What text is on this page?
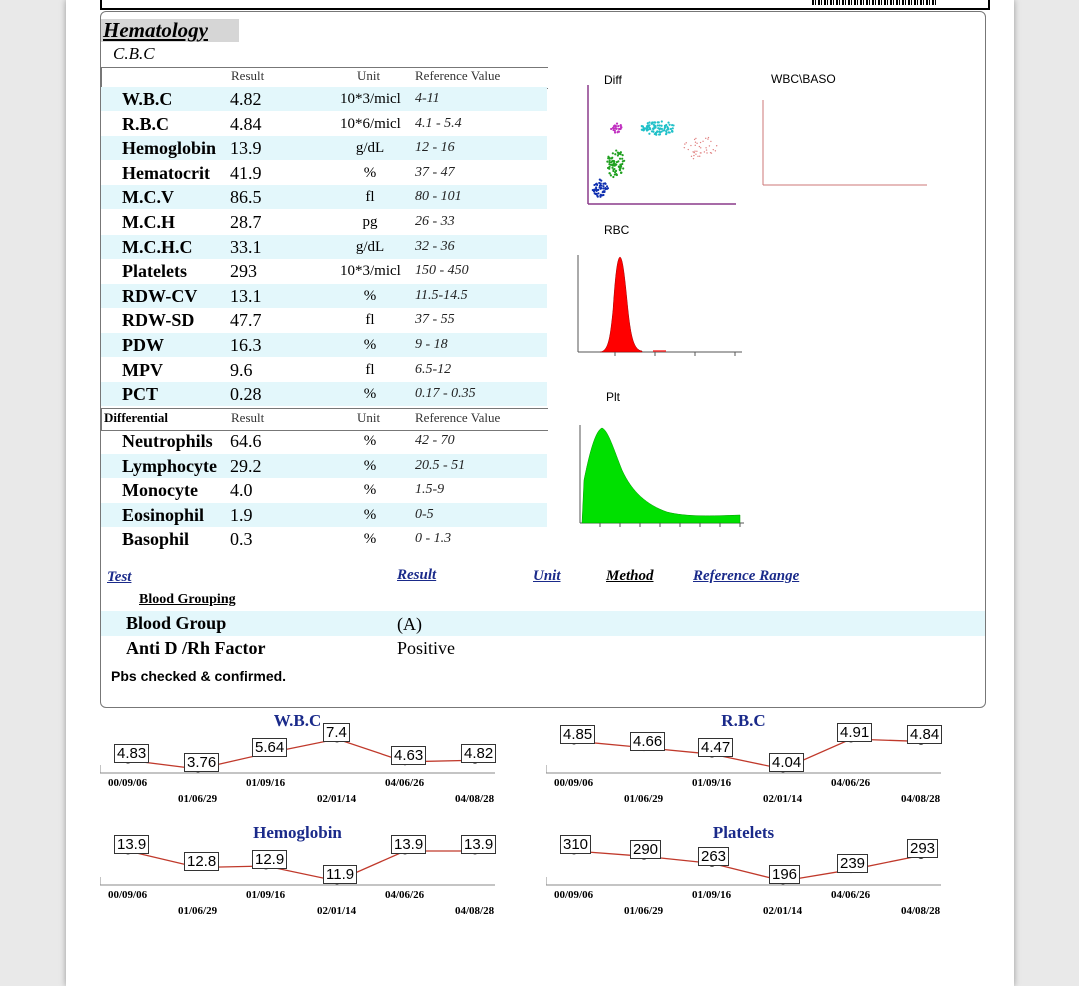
Hematology
C.B.C
Result	Unit	Reference Value
W.B.C	4.82	10*3/micl 4-11
R.B.C	4.84	10*6/micl 4.1 - 5.4
Hemoglobin 13.9	g/dL	12 - 16
Hematocrit 41.9	%	37 - 47
M.C.V	86.5	fl	80 - 101
M.C.H	28.7	pg	26 - 33
M.C.H.C 33.1	g/dL	32 - 36
Platelets 293	10*3/micl 150 - 450
RDW-CV 13.1	%	11.5-14.5
RDW-SD 47.7	fl	37 - 55
PDW	16.3	%	9 - 18
MPV	9.6	fl	6.5-12
PCT	0.28	%	0.17 - 0.35
Differential	Result	Unit	Reference Value
Neutrophils 64.6	%	42 - 70
Lymphocyte 29.2	%	20.5 - 51
Monocyte 4.0	%	1.5-9
Eosinophil 1.9	%	0-5
Basophil 0.3	%	0 - 1.3
Diff	WBC\BASO
RBC
Plt
Test	Result	Unit	Method	Reference Range
Blood Grouping
Blood Group	(A)
Anti D /Rh Factor	Positive
Pbs checked & confirmed.
W.B.C
4.83
3.76
5.64
7.4
4.63	4.82
00/09/06
01/06/29
01/09/16
02/01/14
04/06/26
04/08/28
R.B.C
4.85	4.66	4.47
4.04
4.91	4.84
00/09/06
01/06/29
01/09/16
02/01/14
04/06/26
04/08/28
Hemoglobin
13.9
12.8	12.9
11.9
13.9	13.9
00/09/06
01/06/29
01/09/16
02/01/14
04/06/26
04/08/28
Platelets
310	290	263
196
239
293
00/09/06
01/06/29
01/09/16
02/01/14
04/06/26
04/08/28
